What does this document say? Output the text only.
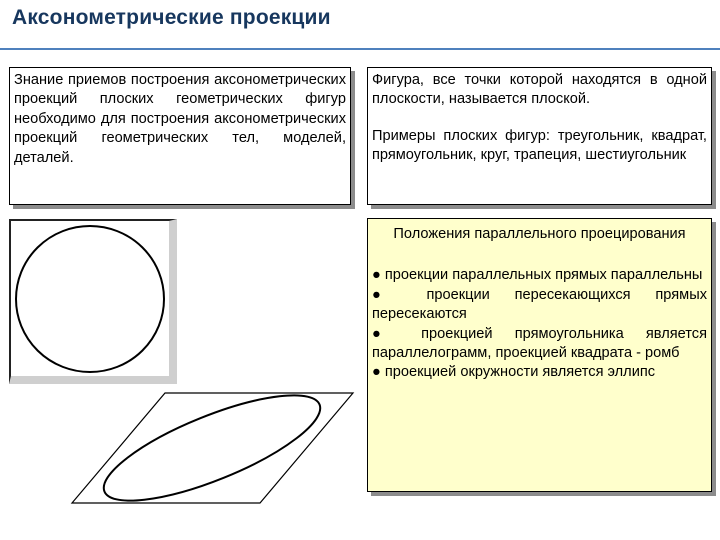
Аксонометрические проекции
Знание приемов построения аксонометрических проекций плоских геометрических фигур необходимо для построения аксонометрических проекций геометрических тел, моделей, деталей.
Фигура, все точки которой находятся в одной плоскости, называется плоской.
Примеры плоских фигур: треугольник, квадрат, прямоугольник, круг, трапеция, шестиугольник
Положения параллельного проецирования
● проекции параллельных прямых параллельны
● проекции пересекающихся прямых пересекаются
● проекцией прямоугольника является параллелограмм, проекцией квадрата - ромб
● проекцией окружности является эллипс
